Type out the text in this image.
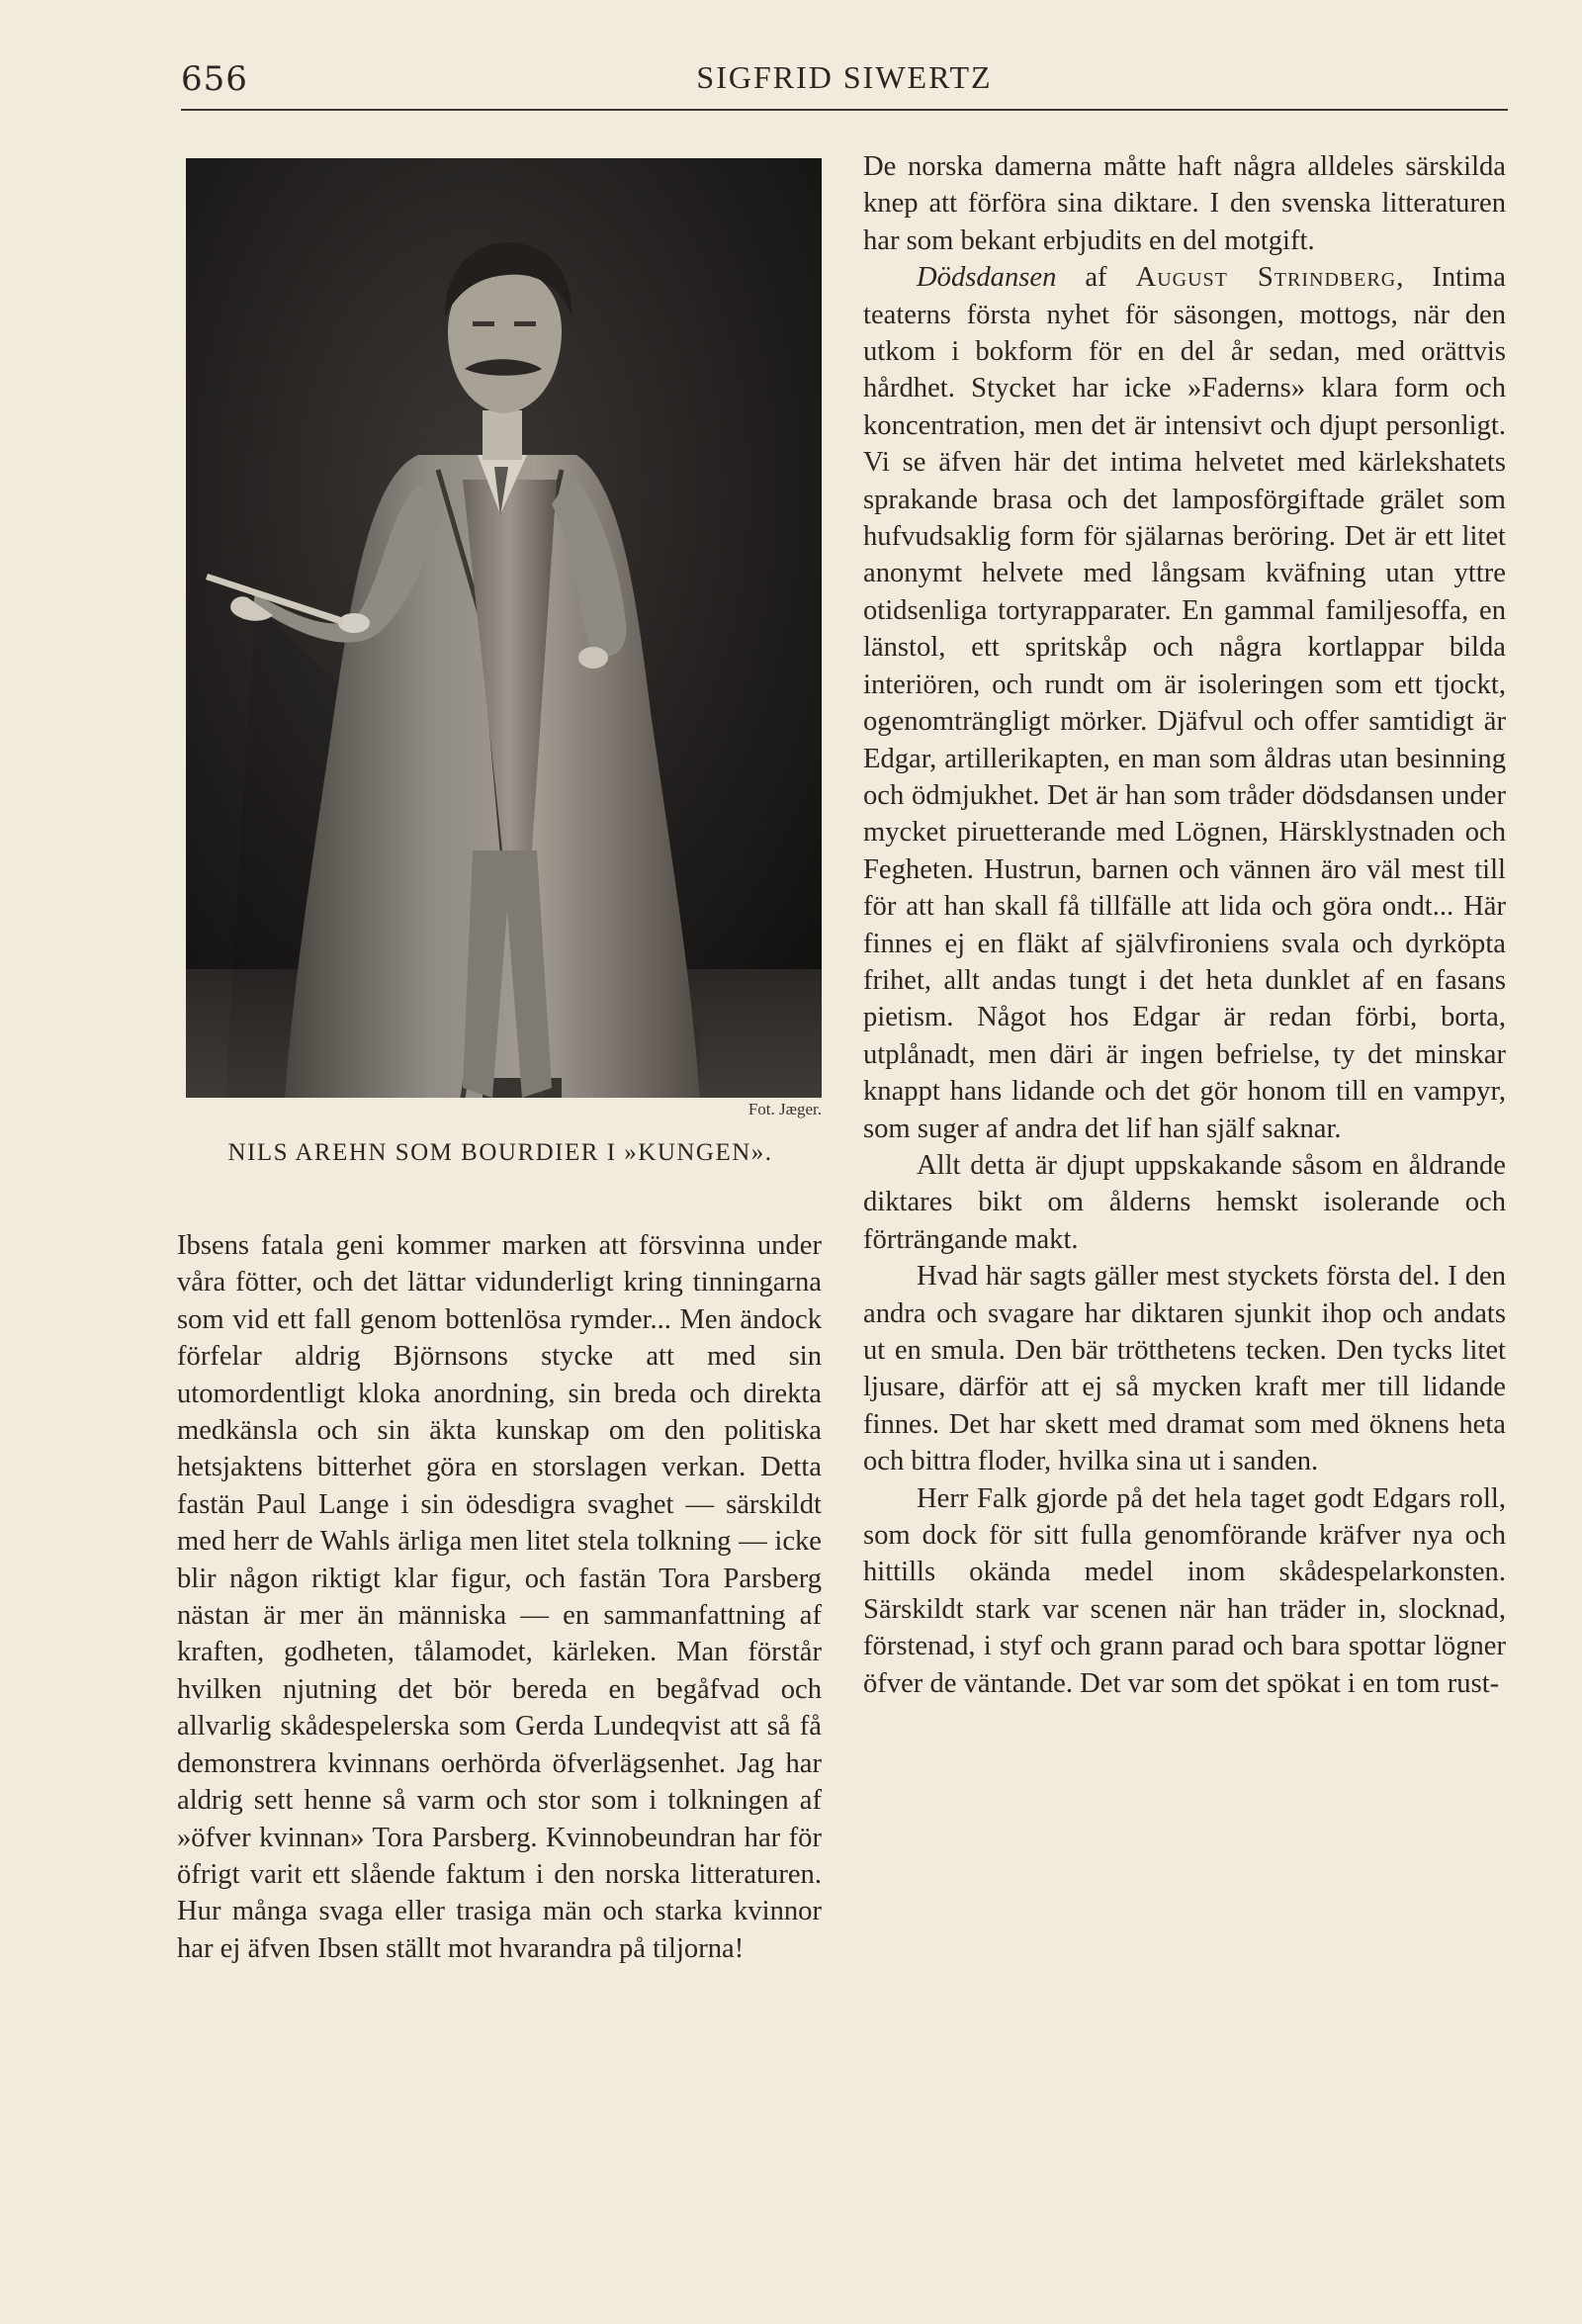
656	SIGFRID SIWERTZ
Fot. Jæger.
NILS AREHN SOM BOURDIER I »KUNGEN».

Ibsens fatala geni kommer marken att försvinna under våra fötter, och det lättar vidunderligt kring tinningarna som vid ett fall genom bottenlösa rymder... Men ändock förfelar aldrig Björnsons stycke att med sin utomordentligt kloka anordning, sin breda och direkta medkänsla och sin äkta kunskap om den politiska hetsjaktens bitterhet göra en storslagen verkan. Detta fastän Paul Lange i sin ödesdigra svaghet — särskildt med herr de Wahls ärliga men litet stela tolkning — icke blir någon riktigt klar figur, och fastän Tora Parsberg nästan är mer än människa — en sammanfattning af kraften, godheten, tålamodet, kärleken. Man förstår hvilken njutning det bör bereda en begåfvad och allvarlig skådespelerska som Gerda Lundeqvist att så få demonstrera kvinnans oerhörda öfverlägsenhet. Jag har aldrig sett henne så varm och stor som i tolkningen af »öfver kvinnan» Tora Parsberg. Kvinnobeundran har för öfrigt varit ett slående faktum i den norska litteraturen. Hur många svaga eller trasiga män och starka kvinnor har ej äfven Ibsen ställt mot hvarandra på tiljorna!

De norska damerna måtte haft några alldeles särskilda knep att förföra sina diktare. I den svenska litteraturen har som bekant erbjudits en del motgift.

Dödsdansen af August Strindberg, Intima teaterns första nyhet för säsongen, mottogs, när den utkom i bokform för en del år sedan, med orättvis hårdhet. Stycket har icke »Faderns» klara form och koncentration, men det är intensivt och djupt personligt. Vi se äfven här det intima helvetet med kärlekshatets sprakande brasa och det lamposförgiftade grälet som hufvudsaklig form för själarnas beröring. Det är ett litet anonymt helvete med långsam kväfning utan yttre otidsenliga tortyrapparater. En gammal familjesoffa, en länstol, ett spritskåp och några kortlappar bilda interiören, och rundt om är isoleringen som ett tjockt, ogenomträngligt mörker. Djäfvul och offer samtidigt är Edgar, artillerikapten, en man som åldras utan besinning och ödmjukhet. Det är han som tråder dödsdansen under mycket piruetterande med Lögnen, Härsklystnaden och Fegheten. Hustrun, barnen och vännen äro väl mest till för att han skall få tillfälle att lida och göra ondt... Här finnes ej en fläkt af självfironiens svala och dyrköpta frihet, allt andas tungt i det heta dunklet af en fasans pietism. Något hos Edgar är redan förbi, borta, utplånadt, men däri är ingen befrielse, ty det minskar knappt hans lidande och det gör honom till en vampyr, som suger af andra det lif han själf saknar.

Allt detta är djupt uppskakande såsom en åldrande diktares bikt om ålderns hemskt isolerande och förträngande makt.

Hvad här sagts gäller mest styckets första del. I den andra och svagare har diktaren sjunkit ihop och andats ut en smula. Den bär trötthetens tecken. Den tycks litet ljusare, därför att ej så mycken kraft mer till lidande finnes. Det har skett med dramat som med öknens heta och bittra floder, hvilka sina ut i sanden.

Herr Falk gjorde på det hela taget godt Edgars roll, som dock för sitt fulla genomförande kräfver nya och hittills okända medel inom skådespelarkonsten. Särskildt stark var scenen när han träder in, slocknad, förstenad, i styf och grann parad och bara spottar lögner öfver de väntande. Det var som det spökat i en tom rust-
